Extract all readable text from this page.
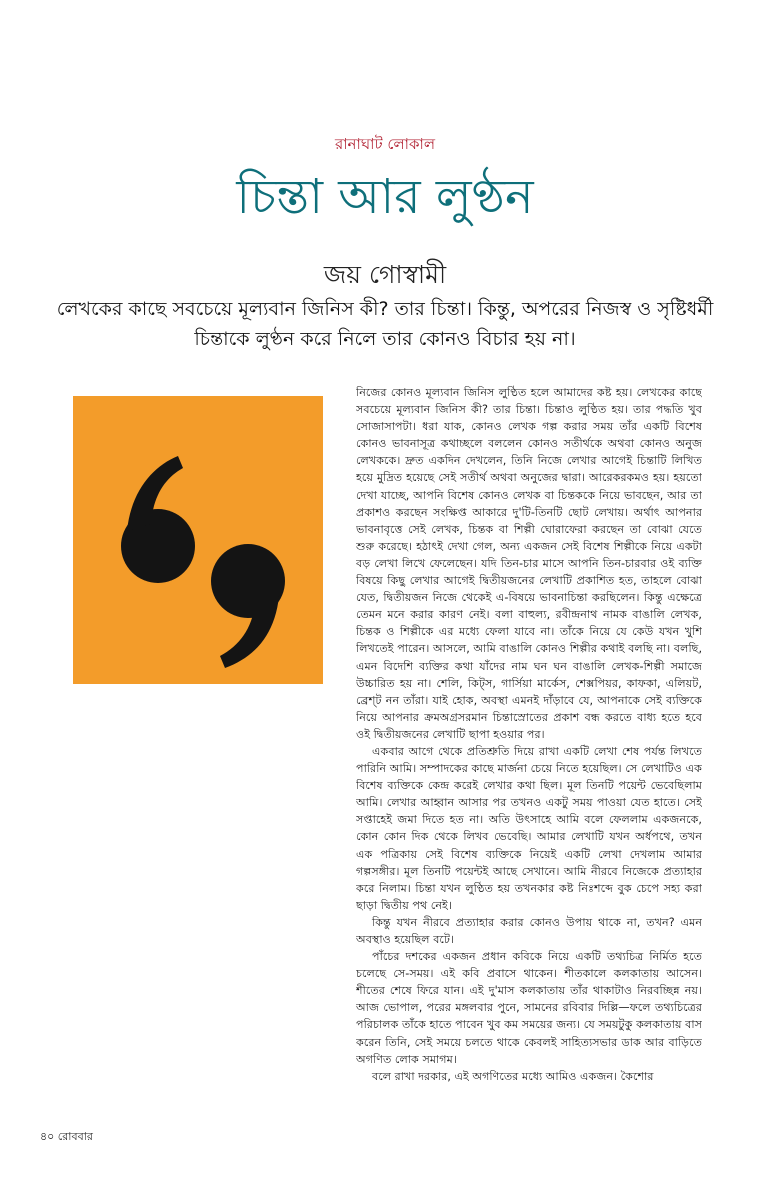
রানাঘাট লোকাল
চিন্তা আর লুণ্ঠন
জয় গোস্বামী
লেখকের কাছে সবচেয়ে মূল্যবান জিনিস কী? তার চিন্তা। কিন্তু, অপরের নিজস্ব ও সৃষ্টিধর্মী চিন্তাকে লুণ্ঠন করে নিলে তার কোনও বিচার হয় না।

নিজের কোনও মূল্যবান জিনিস লুণ্ঠিত হলে আমাদের কষ্ট হয়। লেখকের কাছে সবচেয়ে মূল্যবান জিনিস কী? তার চিন্তা। চিন্তাও লুণ্ঠিত হয়। তার পদ্ধতি খুব সোজাসাপটা। ধরা যাক, কোনও লেখক গল্প করার সময় তাঁর একটি বিশেষ কোনও ভাবনাসূত্র কথাচ্ছলে বললেন কোনও সতীর্থকে অথবা কোনও অনুজ লেখককে। দ্রুত একদিন দেখলেন, তিনি নিজে লেখার আগেই চিন্তাটি লিখিত হয়ে মুদ্রিত হয়েছে সেই সতীর্থ অথবা অনুজের দ্বারা। আরেকরকমও হয়। হয়তো দেখা যাচ্ছে, আপনি বিশেষ কোনও লেখক বা চিন্তককে নিয়ে ভাবছেন, আর তা প্রকাশও করছেন সংক্ষিপ্ত আকারে দু'টি-তিনটি ছোট লেখায়। অর্থাৎ আপনার ভাবনাবৃত্তে সেই লেখক, চিন্তক বা শিল্পী ঘোরাফেরা করছেন তা বোঝা যেতে শুরু করেছে। হঠাৎই দেখা গেল, অন্য একজন সেই বিশেষ শিল্পীকে নিয়ে একটা বড় লেখা লিখে ফেলেছেন। যদি তিন-চার মাসে আপনি তিন-চারবার ওই ব্যক্তি বিষয়ে কিছু লেখার আগেই দ্বিতীয়জনের লেখাটি প্রকাশিত হত, তাহলে বোঝা যেত, দ্বিতীয়জন নিজে থেকেই এ-বিষয়ে ভাবনাচিন্তা করছিলেন। কিন্তু এক্ষেত্রে তেমন মনে করার কারণ নেই। বলা বাহুল্য, রবীন্দ্রনাথ নামক বাঙালি লেখক, চিন্তক ও শিল্পীকে এর মধ্যে ফেলা যাবে না। তাঁকে নিয়ে যে কেউ যখন খুশি লিখতেই পারেন। আসলে, আমি বাঙালি কোনও শিল্পীর কথাই বলছি না। বলছি, এমন বিদেশি ব্যক্তির কথা যাঁদের নাম ঘন ঘন বাঙালি লেখক-শিল্পী সমাজে উচ্চারিত হয় না। শেলি, কিট্‌স, গার্সিয়া মার্কেস, শেক্সপিয়র, কাফকা, এলিয়ট, ব্রেশ্‌ট নন তাঁরা। যাই হোক, অবস্থা এমনই দাঁড়াবে যে, আপনাকে সেই ব্যক্তিকে নিয়ে আপনার ক্রমঅগ্রসরমান চিন্তাস্রোতের প্রকাশ বন্ধ করতে বাধ্য হতে হবে ওই দ্বিতীয়জনের লেখাটি ছাপা হওয়ার পর।

একবার আগে থেকে প্রতিশ্রুতি দিয়ে রাখা একটি লেখা শেষ পর্যন্ত লিখতে পারিনি আমি। সম্পাদকের কাছে মার্জনা চেয়ে নিতে হয়েছিল। সে লেখাটিও এক বিশেষ ব্যক্তিকে কেন্দ্র করেই লেখার কথা ছিল। মূল তিনটি পয়েন্ট ভেবেছিলাম আমি। লেখার আহ্বান আসার পর তখনও একটু সময় পাওয়া যেত হাতে। সেই সপ্তাহেই জমা দিতে হত না। অতি উৎসাহে আমি বলে ফেললাম একজনকে, কোন কোন দিক থেকে লিখব ভেবেছি। আমার লেখাটি যখন অর্ধপথে, তখন এক পত্রিকায় সেই বিশেষ ব্যক্তিকে নিয়েই একটি লেখা দেখলাম আমার গল্পসঙ্গীর। মূল তিনটি পয়েন্টই আছে সেখানে। আমি নীরবে নিজেকে প্রত্যাহার করে নিলাম। চিন্তা যখন লুণ্ঠিত হয় তখনকার কষ্ট নিঃশব্দে বুক চেপে সহ্য করা ছাড়া দ্বিতীয় পথ নেই।

কিন্তু যখন নীরবে প্রত্যাহার করার কোনও উপায় থাকে না, তখন? এমন অবস্থাও হয়েছিল বটে।

পাঁচের দশকের একজন প্রধান কবিকে নিয়ে একটি তথ্যচিত্র নির্মিত হতে চলেছে সে-সময়। এই কবি প্রবাসে থাকেন। শীতকালে কলকাতায় আসেন। শীতের শেষে ফিরে যান। এই দু'মাস কলকাতায় তাঁর থাকাটাও নিরবচ্ছিন্ন নয়। আজ ভোপাল, পরের মঙ্গলবার পুনে, সামনের রবিবার দিল্লি—ফলে তথ্যচিত্রের পরিচালক তাঁকে হাতে পাবেন খুব কম সময়ের জন্য। যে সময়টুকু কলকাতায় বাস করেন তিনি, সেই সময়ে চলতে থাকে কেবলই সাহিত্যসভার ডাক আর বাড়িতে অগণিত লোক সমাগম।

বলে রাখা দরকার, এই অগণিতের মধ্যে আমিও একজন। কৈশোর

৪০ রোববার
